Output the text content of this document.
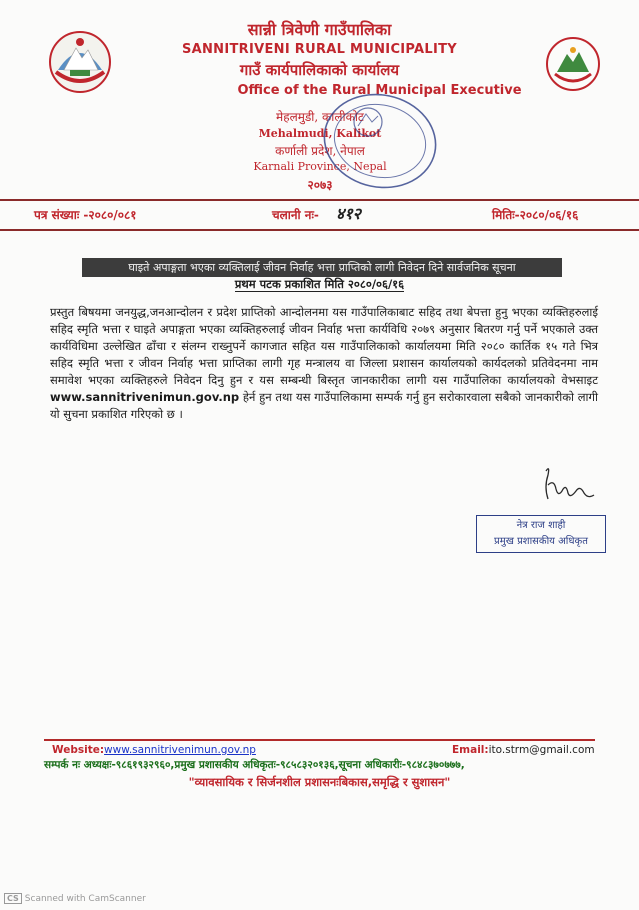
सान्नी त्रिवेणी गाउँपालिका
SANNITRIVENI RURAL MUNICIPALITY
गाउँ कार्यपालिकाको कार्यालय
Office of the Rural Municipal Executive
मेहलमुडी, कालीकोट
Mehalmudi, Kalikot
कर्णाली प्रदेश, नेपाल
Karnali Province, Nepal
२०७३
पत्र संख्याः -२०८०/०८१	चलानी नः- ४१२	मितिः-२०८०/०६/१६
घाइते अपाङ्गता भएका व्यक्तिलाई जीवन निर्वाह भत्ता प्राप्तिको लागी निवेदन दिने सार्वजनिक सूचना
प्रथम पटक प्रकाशित मिति २०८०/०६/१६
प्रस्तुत बिषयमा जनयुद्ध,जनआन्दोलन र प्रदेश प्राप्तिको आन्दोलनमा यस गाउँपालिकाबाट सहिद तथा बेपत्ता हुनु भएका व्यक्तिहरुलाई सहिद स्मृति भत्ता र घाइते अपाङ्गता भएका व्यक्तिहरुलाई जीवन निर्वाह भत्ता कार्यविधि २०७९ अनुसार बितरण गर्नु पर्ने भएकाले उक्त कार्यविधिमा उल्लेखित ढाँचा र संलग्न राख्नुपर्ने कागजात सहित यस गाउँपालिकाको कार्यालयमा मिति २०८० कार्तिक १५ गते भित्र सहिद स्मृति भत्ता र जीवन निर्वाह भत्ता प्राप्तिका लागी गृह मन्त्रालय वा जिल्ला प्रशासन कार्यालयको कार्यदलको प्रतिवेदनमा नाम समावेश भएका व्यक्तिहरुले निवेदन दिनु हुन र यस सम्बन्धी बिस्तृत जानकारीका लागी यस गाउँपालिका कार्यालयको वेभसाइट www.sannitrivenimun.gov.np हेर्न हुन तथा यस गाउँपालिकामा सम्पर्क गर्नु हुन सरोकारवाला सबैको जानकारीको लागी यो सुचना प्रकाशित गरिएको छ ।
नेत्र राज शाही
प्रमुख प्रशासकीय अधिकृत
Website:www.sannitrivenimun.gov.np	Email:ito.strm@gmail.com
सम्पर्क नः अध्यक्षः-९८६१९३२९६०,प्रमुख प्रशासकीय अधिकृतः-९८५८३२०१३६,सूचना अधिकारीः-९८४८३७०७७७,
"व्यावसायिक र सिर्जनशील प्रशासनःबिकास,समृद्धि र सुशासन"
CS Scanned with CamScanner
